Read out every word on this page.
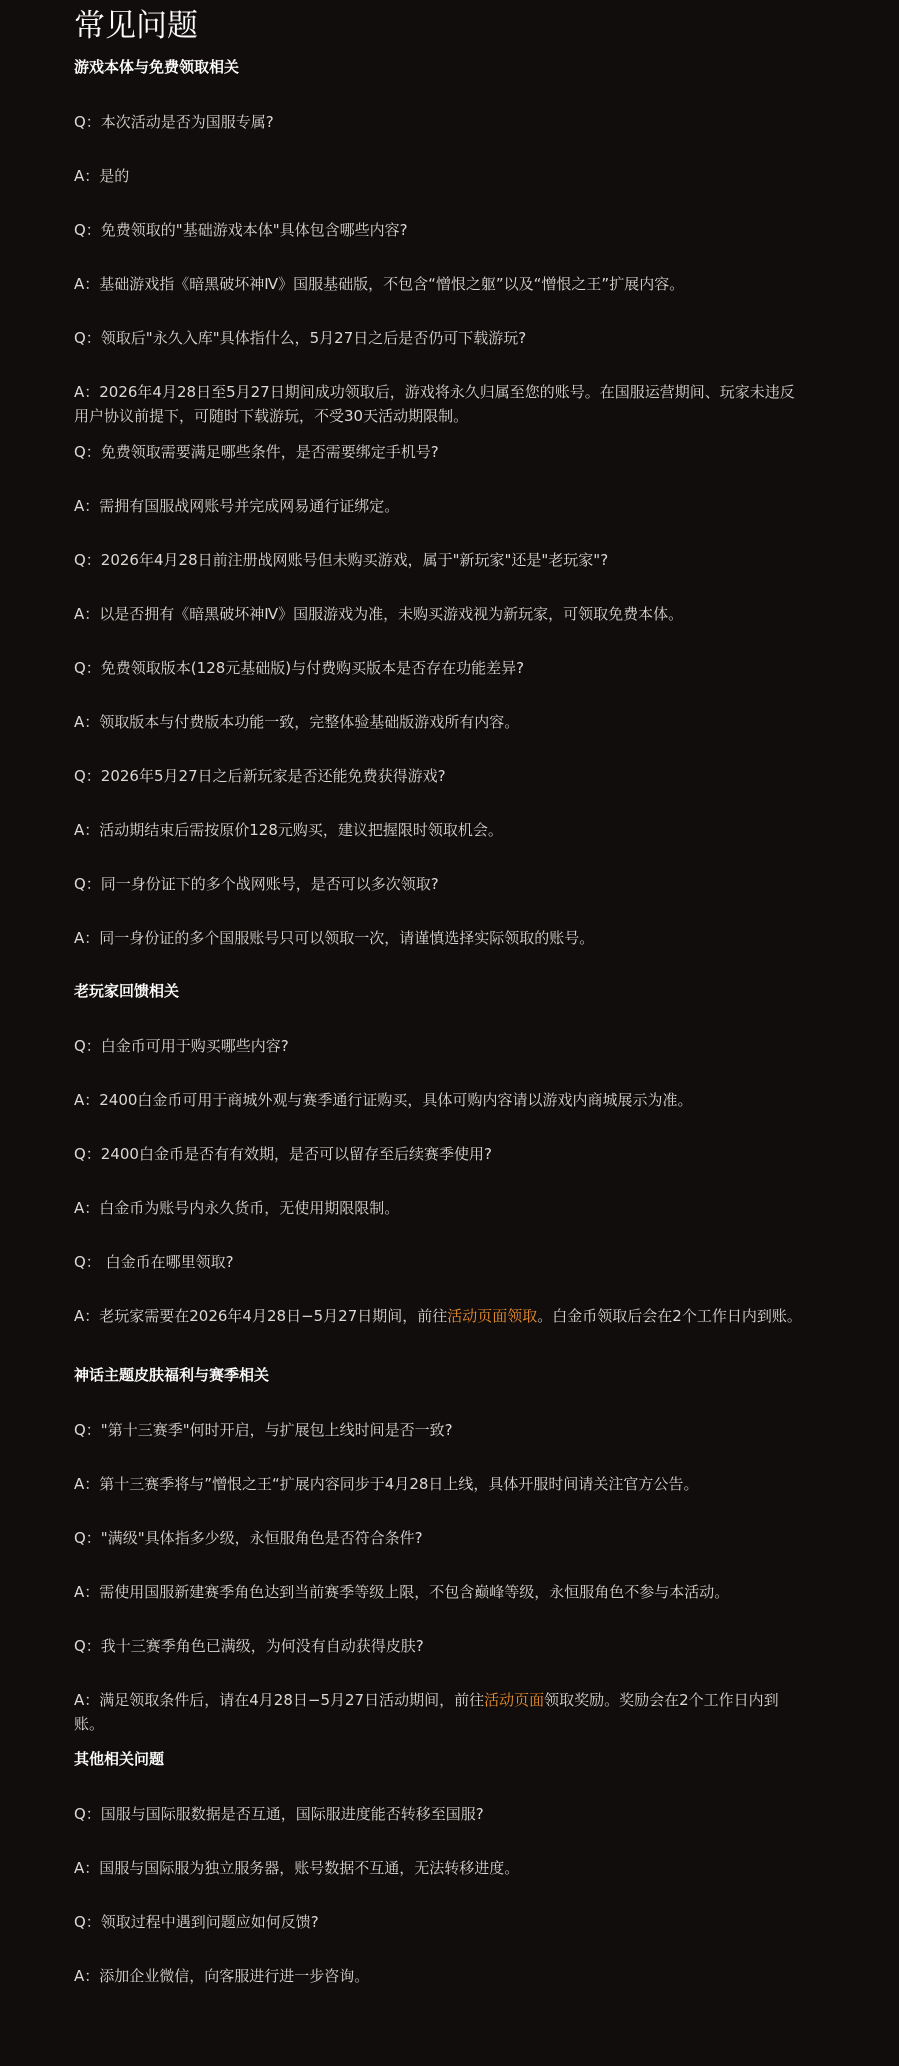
常见问题
游戏本体与免费领取相关

Q：本次活动是否为国服专属?

A：是的

Q：免费领取的"基础游戏本体"具体包含哪些内容?

A：基础游戏指《暗黑破坏神Ⅳ》国服基础版，不包含“憎恨之躯”以及“憎恨之王”扩展内容。

Q：领取后"永久入库"具体指什么，5月27日之后是否仍可下载游玩?

A：2026年4月28日至5月27日期间成功领取后，游戏将永久归属至您的账号。在国服运营期间、玩家未违反用户协议前提下，可随时下载游玩，不受30天活动期限制。

Q：免费领取需要满足哪些条件，是否需要绑定手机号?

A：需拥有国服战网账号并完成网易通行证绑定。

Q：2026年4月28日前注册战网账号但未购买游戏，属于"新玩家"还是"老玩家"?

A：以是否拥有《暗黑破坏神Ⅳ》国服游戏为准，未购买游戏视为新玩家，可领取免费本体。

Q：免费领取版本(128元基础版)与付费购买版本是否存在功能差异?

A：领取版本与付费版本功能一致，完整体验基础版游戏所有内容。

Q：2026年5月27日之后新玩家是否还能免费获得游戏?

A：活动期结束后需按原价128元购买，建议把握限时领取机会。

Q：同一身份证下的多个战网账号，是否可以多次领取?

A：同一身份证的多个国服账号只可以领取一次，请谨慎选择实际领取的账号。

老玩家回馈相关

Q：白金币可用于购买哪些内容?

A：2400白金币可用于商城外观与赛季通行证购买，具体可购内容请以游戏内商城展示为准。

Q：2400白金币是否有有效期，是否可以留存至后续赛季使用?

A：白金币为账号内永久货币，无使用期限限制。

Q： 白金币在哪里领取?

A：老玩家需要在2026年4月28日−5月27日期间，前往活动页面领取。白金币领取后会在2个工作日内到账。

神话主题皮肤福利与赛季相关

Q："第十三赛季"何时开启，与扩展包上线时间是否一致?

A：第十三赛季将与”憎恨之王“扩展内容同步于4月28日上线，具体开服时间请关注官方公告。

Q："满级"具体指多少级，永恒服角色是否符合条件?

A：需使用国服新建赛季角色达到当前赛季等级上限，不包含巅峰等级，永恒服角色不参与本活动。

Q：我十三赛季角色已满级，为何没有自动获得皮肤?

A：满足领取条件后，请在4月28日−5月27日活动期间，前往活动页面领取奖励。奖励会在2个工作日内到账。

其他相关问题

Q：国服与国际服数据是否互通，国际服进度能否转移至国服?

A：国服与国际服为独立服务器，账号数据不互通，无法转移进度。

Q：领取过程中遇到问题应如何反馈?

A：添加企业微信，向客服进行进一步咨询。
